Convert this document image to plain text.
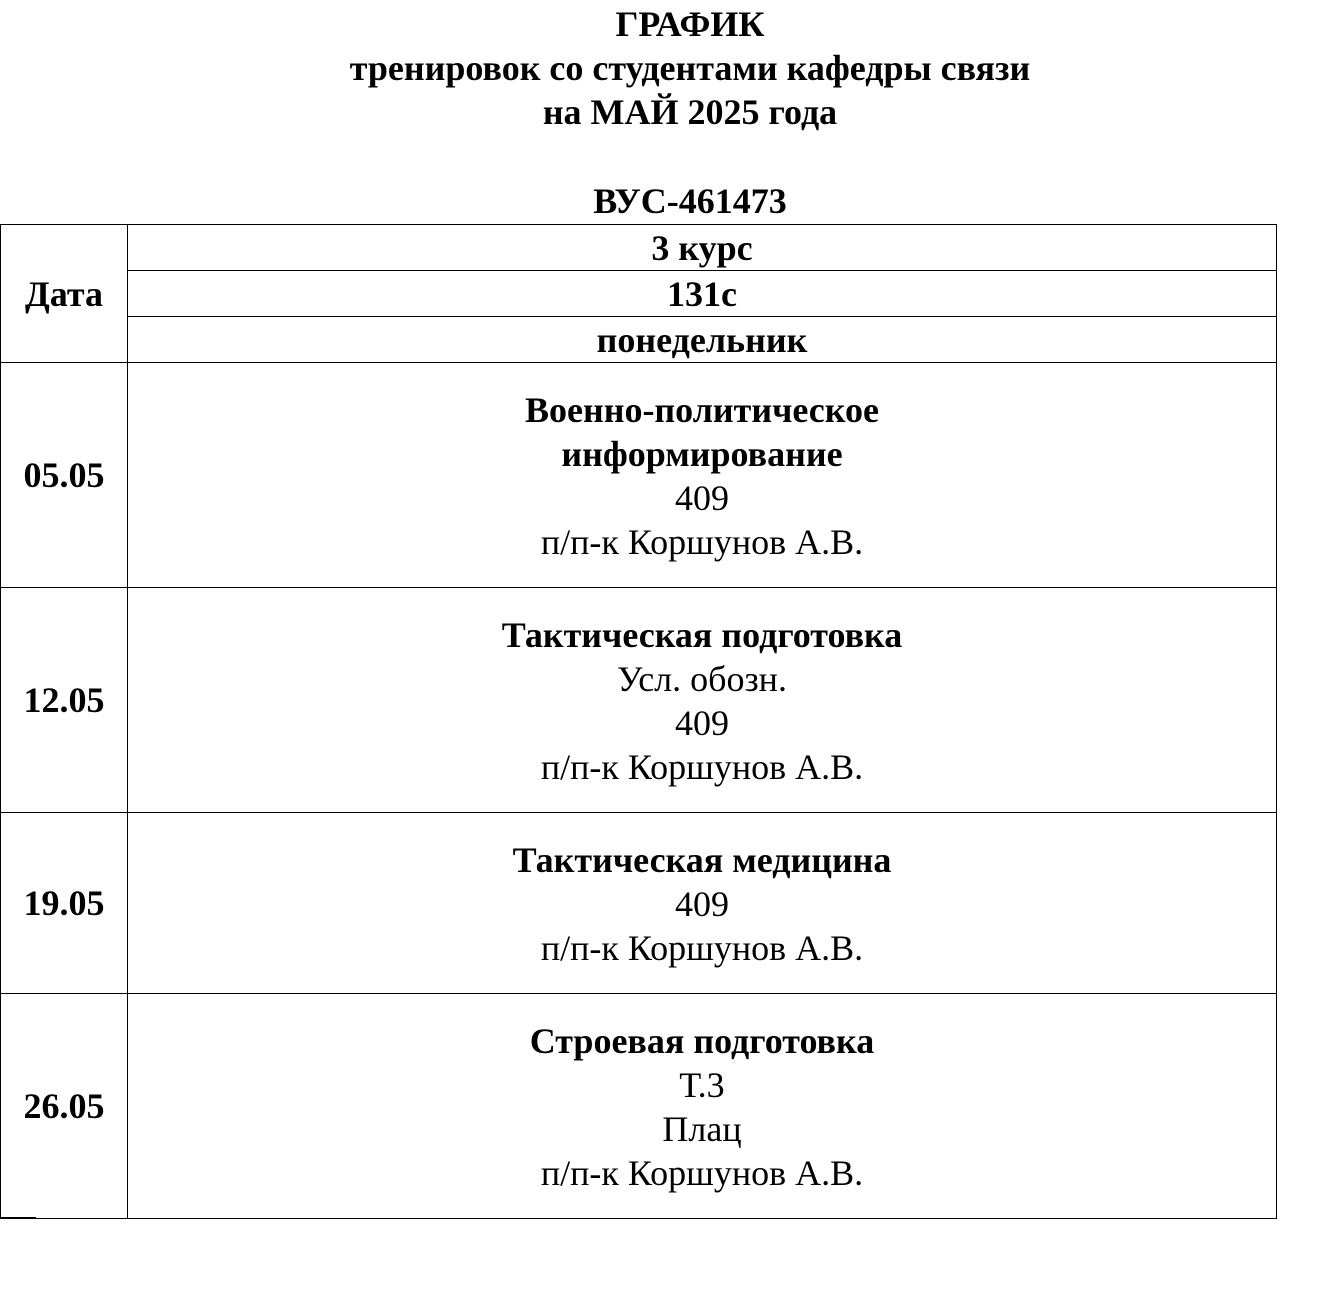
ГРАФИК
тренировок со студентами кафедры связи
на МАЙ 2025 года
ВУС-461473
Дата	3 курс
	131с
	понедельник
05.05	Военно-политическое
информирование
409
п/п-к Коршунов А.В.

12.05	Тактическая подготовка
Усл. обозн.
409
п/п-к Коршунов А.В.

19.05	Тактическая медицина
409
п/п-к Коршунов А.В.

26.05	Строевая подготовка
Т.3
Плац
п/п-к Коршунов А.В.
